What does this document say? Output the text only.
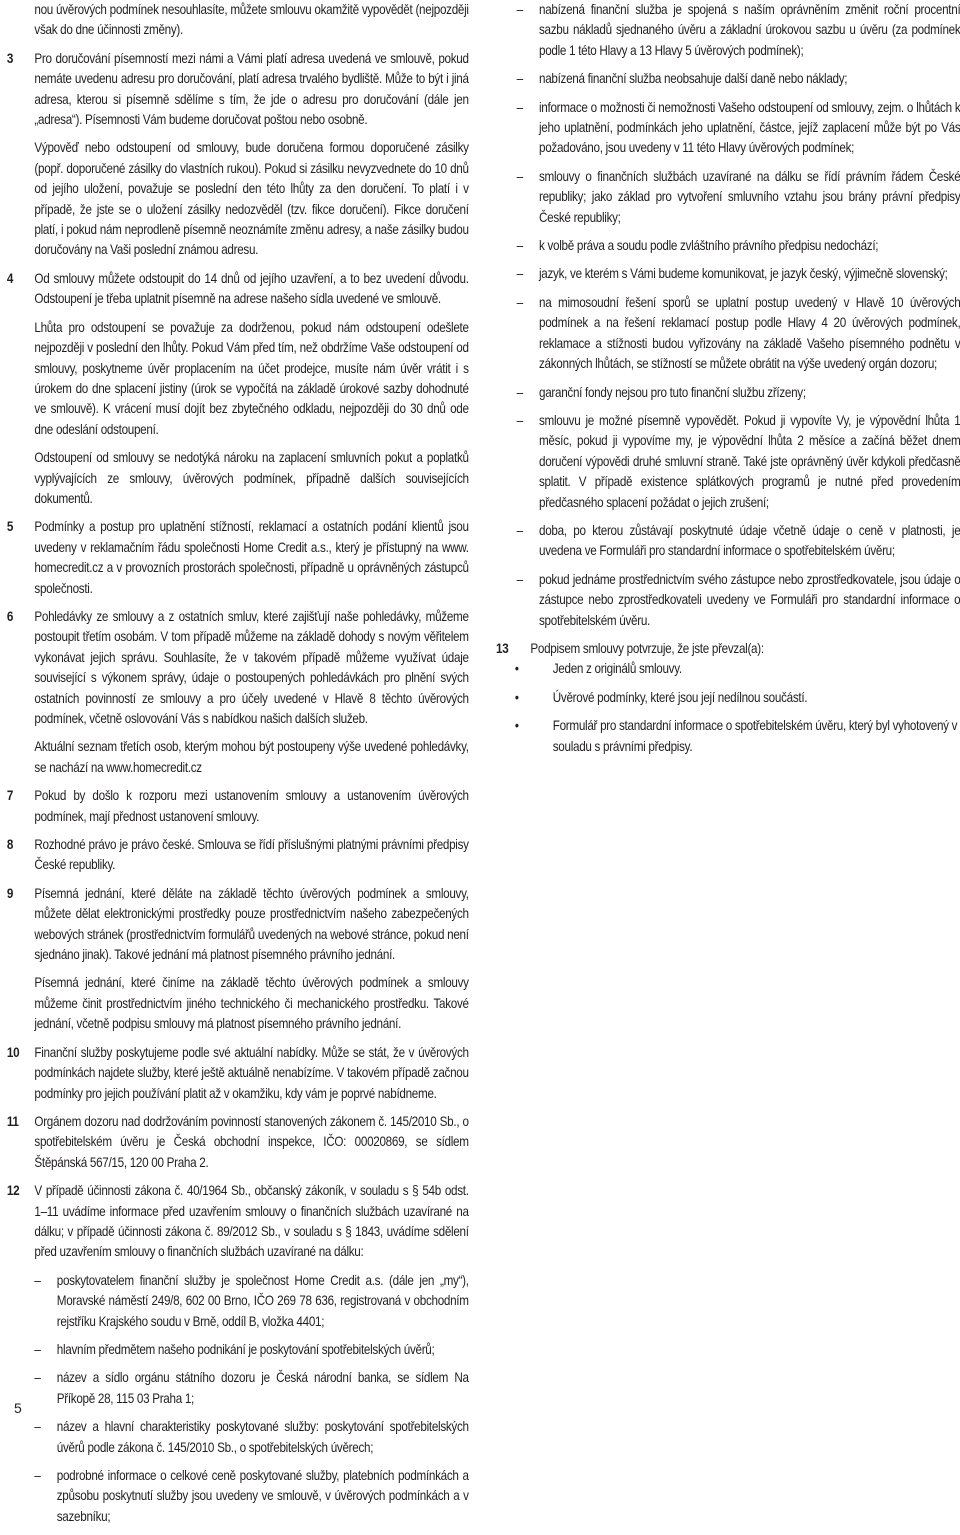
nou úvěrových podmínek nesouhlasíte, můžete smlouvu okamžitě vypovědět (nejpozději však do dne účinnosti změny).
3	Pro doručování písemností mezi námi a Vámi platí adresa uvedená ve smlouvě, pokud nemáte uvedenu adresu pro doručování, platí adresa trvalého bydliště. Může to být i jiná adresa, kterou si písemně sdělíme s tím, že jde o adresu pro doručování (dále jen „adresa“). Písemnosti Vám budeme doručovat poštou nebo osobně.
Výpověď nebo odstoupení od smlouvy, bude doručena formou doporučené zásilky (popř. doporučené zásilky do vlastních rukou). Pokud si zásilku nevyzvednete do 10 dnů od jejího uložení, považuje se poslední den této lhůty za den doručení. To platí i v případě, že jste se o uložení zásilky nedozvěděl (tzv. fikce doručení). Fikce doručení platí, i pokud nám neprodleně písemně neoznámíte změnu adresy, a naše zásilky budou doručovány na Vaši poslední známou adresu.
4	Od smlouvy můžete odstoupit do 14 dnů od jejího uzavření, a to bez uvedení důvodu. Odstoupení je třeba uplatnit písemně na adrese našeho sídla uvedené ve smlouvě.
Lhůta pro odstoupení se považuje za dodrženou, pokud nám odstoupení odešlete nejpozději v poslední den lhůty. Pokud Vám před tím, než obdržíme Vaše odstoupení od smlouvy, poskytneme úvěr proplacením na účet prodejce, musíte nám úvěr vrátit i s úrokem do dne splacení jistiny (úrok se vypočítá na základě úrokové sazby dohodnuté ve smlouvě). K vrácení musí dojít bez zbytečného odkladu, nejpozději do 30 dnů ode dne odeslání odstoupení.
Odstoupení od smlouvy se nedotýká nároku na zaplacení smluvních pokut a poplatků vyplývajících ze smlouvy, úvěrových podmínek, případně dalších souvisejících dokumentů.
5	Podmínky a postup pro uplatnění stížností, reklamací a ostatních podání klientů jsou uvedeny v reklamačním řádu společnosti Home Credit a.s., který je přístupný na www. homecredit.cz a v provozních prostorách společnosti, případně u oprávněných zástupců společnosti.
6	Pohledávky ze smlouvy a z ostatních smluv, které zajišťují naše pohledávky, můžeme postoupit třetím osobám. V tom případě můžeme na základě dohody s novým věřitelem vykonávat jejich správu. Souhlasíte, že v takovém případě můžeme využívat údaje související s výkonem správy, údaje o postoupených pohledávkách pro plnění svých ostatních povinností ze smlouvy a pro účely uvedené v Hlavě 8 těchto úvěrových podmínek, včetně oslovování Vás s nabídkou našich dalších služeb.
Aktuální seznam třetích osob, kterým mohou být postoupeny výše uvedené pohledávky, se nachází na www.homecredit.cz
7	Pokud by došlo k rozporu mezi ustanovením smlouvy a ustanovením úvěrových podmínek, mají přednost ustanovení smlouvy.
8	Rozhodné právo je právo české. Smlouva se řídí příslušnými platnými právními předpisy České republiky.
9	Písemná jednání, které děláte na základě těchto úvěrových podmínek a smlouvy, můžete dělat elektronickými prostředky pouze prostřednictvím našeho zabezpečených webových stránek (prostřednictvím formulářů uvedených na webové stránce, pokud není sjednáno jinak). Takové jednání má platnost písemného právního jednání.
Písemná jednání, které činíme na základě těchto úvěrových podmínek a smlouvy můžeme činit prostřednictvím jiného technického či mechanického prostředku. Takové jednání, včetně podpisu smlouvy má platnost písemného právního jednání.
10	Finanční služby poskytujeme podle své aktuální nabídky. Může se stát, že v úvěrových podmínkách najdete služby, které ještě aktuálně nenabízíme. V takovém případě začnou podmínky pro jejich používání platit až v okamžiku, kdy vám je poprvé nabídneme.
11	Orgánem dozoru nad dodržováním povinností stanovených zákonem č. 145/2010 Sb., o spotřebitelském úvěru je Česká obchodní inspekce, IČO: 00020869, se sídlem Štěpánská 567/15, 120 00 Praha 2.
12	V případě účinnosti zákona č. 40/1964 Sb., občanský zákoník, v souladu s § 54b odst. 1–11 uvádíme informace před uzavřením smlouvy o finančních službách uzavírané na dálku; v případě účinnosti zákona č. 89/2012 Sb., v souladu s § 1843, uvádíme sdělení před uzavřením smlouvy o finančních službách uzavírané na dálku:
– poskytovatelem finanční služby je společnost Home Credit a.s. (dále jen „my“), Moravské náměstí 249/8, 602 00 Brno, IČO 269 78 636, registrovaná v obchodním rejstříku Krajského soudu v Brně, oddíl B, vložka 4401;
– hlavním předmětem našeho podnikání je poskytování spotřebitelských úvěrů;
– název a sídlo orgánu státního dozoru je Česká národní banka, se sídlem Na Příkopě 28, 115 03 Praha 1;
– název a hlavní charakteristiky poskytované služby: poskytování spotřebitelských úvěrů podle zákona č. 145/2010 Sb., o spotřebitelských úvěrech;
– podrobné informace o celkové ceně poskytované služby, platebních podmínkách a způsobu poskytnutí služby jsou uvedeny ve smlouvě, v úvěrových podmínkách a v sazebníku;
– nabízená finanční služba je spojená s naším oprávněním změnit roční procentní sazbu nákladů sjednaného úvěru a základní úrokovou sazbu u úvěru (za podmínek podle 1 této Hlavy a 13 Hlavy 5 úvěrových podmínek);
– nabízená finanční služba neobsahuje další daně nebo náklady;
– informace o možnosti či nemožnosti Vašeho odstoupení od smlouvy, zejm. o lhůtách k jeho uplatnění, podmínkách jeho uplatnění, částce, jejíž zaplacení může být po Vás požadováno, jsou uvedeny v 11 této Hlavy úvěrových podmínek;
– smlouvy o finančních službách uzavírané na dálku se řídí právním řádem České republiky; jako základ pro vytvoření smluvního vztahu jsou brány právní předpisy České republiky;
– k volbě práva a soudu podle zvláštního právního předpisu nedochází;
– jazyk, ve kterém s Vámi budeme komunikovat, je jazyk český, výjimečně slovenský;
– na mimosoudní řešení sporů se uplatní postup uvedený v Hlavě 10 úvěrových podmínek a na řešení reklamací postup podle Hlavy 4 20 úvěrových podmínek, reklamace a stížnosti budou vyřizovány na základě Vašeho písemného podnětu v zákonných lhůtách, se stížností se můžete obrátit na výše uvedený orgán dozoru;
– garanční fondy nejsou pro tuto finanční službu zřízeny;
– smlouvu je možné písemně vypovědět. Pokud ji vypovíte Vy, je výpovědní lhůta 1 měsíc, pokud ji vypovíme my, je výpovědní lhůta 2 měsíce a začíná běžet dnem doručení výpovědi druhé smluvní straně. Také jste oprávněný úvěr kdykoli předčasně splatit. V případě existence splátkových programů je nutné před provedením předčasného splacení požádat o jejich zrušení;
– doba, po kterou zůstávají poskytnuté údaje včetně údaje o ceně v platnosti, je uvedena ve Formuláři pro standardní informace o spotřebitelském úvěru;
– pokud jednáme prostřednictvím svého zástupce nebo zprostředkovatele, jsou údaje o zástupce nebo zprostředkovateli uvedeny ve Formuláři pro standardní informace o spotřebitelském úvěru.
13	Podpisem smlouvy potvrzuje, že jste převzal(a):
•	Jeden z originálů smlouvy.
•	Úvěrové podmínky, které jsou její nedílnou součástí.
•	Formulář pro standardní informace o spotřebitelském úvěru, který byl vyhotovený v souladu s právními předpisy.
5
